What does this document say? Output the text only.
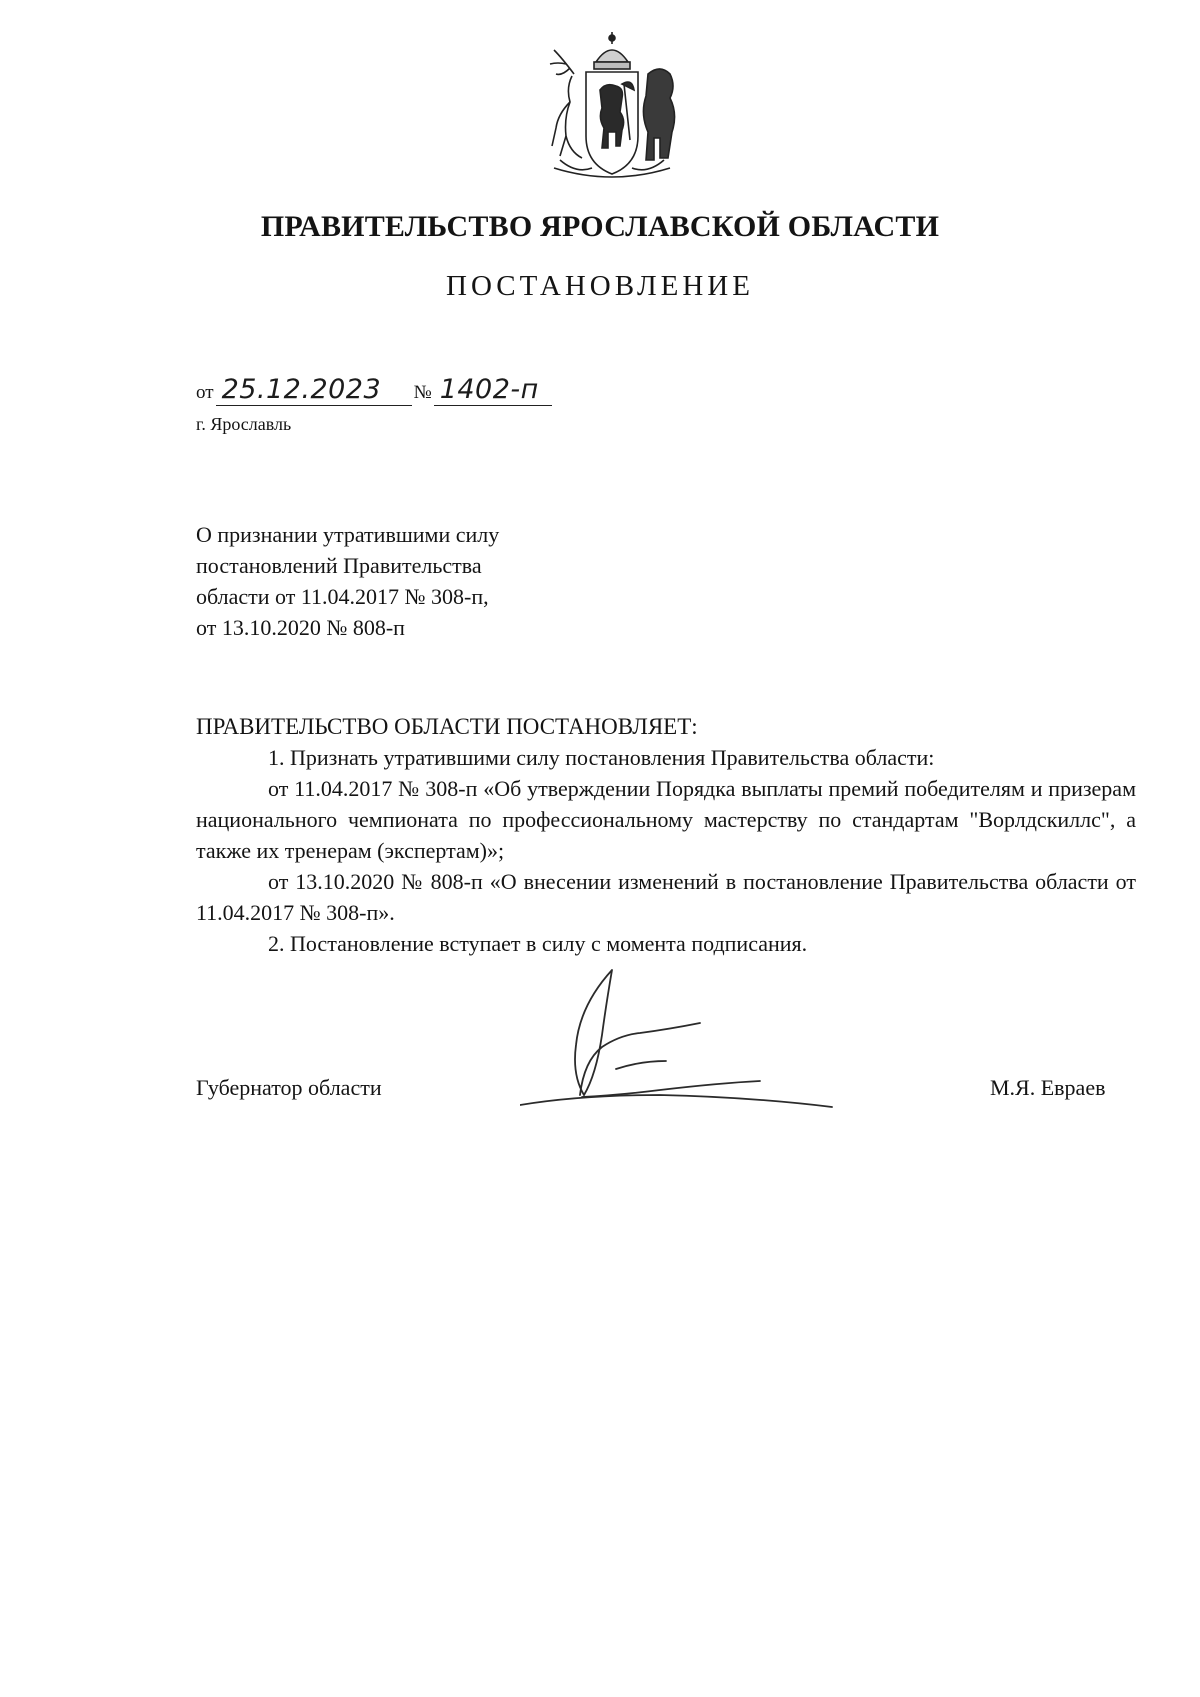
ПРАВИТЕЛЬСТВО ЯРОСЛАВСКОЙ ОБЛАСТИ
ПОСТАНОВЛЕНИЕ
от 25.12.2023	№ 1402-п
г. Ярославль
О признании утратившими силу
постановлений Правительства
области от 11.04.2017 № 308-п,
от 13.10.2020 № 808-п
ПРАВИТЕЛЬСТВО ОБЛАСТИ ПОСТАНОВЛЯЕТ:

1. Признать утратившими силу постановления Правительства области:

от 11.04.2017 № 308-п «Об утверждении Порядка выплаты премий победителям и призерам национального чемпионата по профессиональному мастерству по стандартам "Ворлдскиллс", а также их тренерам (экспертам)»;

от 13.10.2020 № 808-п «О внесении изменений в постановление Правительства области от 11.04.2017 № 308-п».

2. Постановление вступает в силу с момента подписания.

Губернатор области	М.Я. Евраев
